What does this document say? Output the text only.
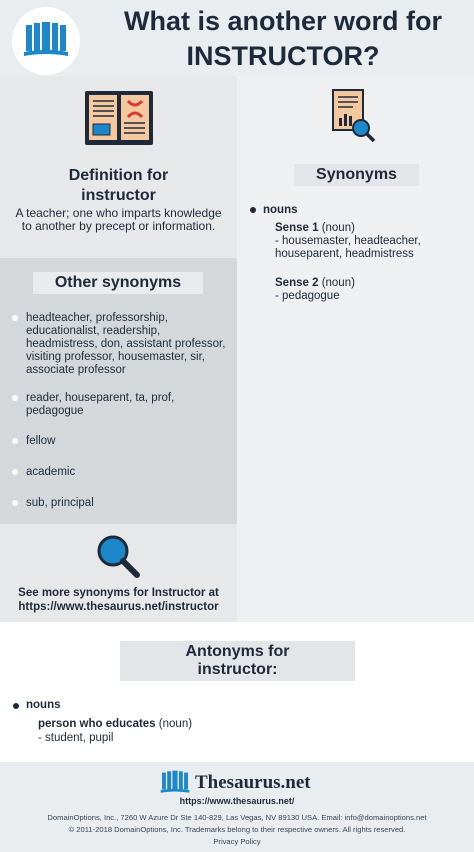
What is another word for
INSTRUCTOR?
Definition for
instructor
A teacher; one who imparts knowledge to another by precept or information.
Synonyms
nouns
Sense 1 (noun)
- housemaster, headteacher, houseparent, headmistress
Sense 2 (noun)
- pedagogue
Other synonyms
headteacher, professorship, educationalist, readership, headmistress, don, assistant professor, visiting professor, housemaster, sir, associate professor
reader, houseparent, ta, prof, pedagogue
fellow
academic
sub, principal
See more synonyms for Instructor at
https://www.thesaurus.net/instructor
Antonyms for
instructor:
nouns
person who educates (noun)
- student, pupil
Thesaurus.net
https://www.thesaurus.net/
DomainOptions, Inc., 7260 W Azure Dr Ste 140-829, Las Vegas, NV 89130 USA. Email: info@domainoptions.net
© 2011-2018 DomainOptions, Inc. Trademarks belong to their respective owners. All rights reserved.
Privacy Policy
